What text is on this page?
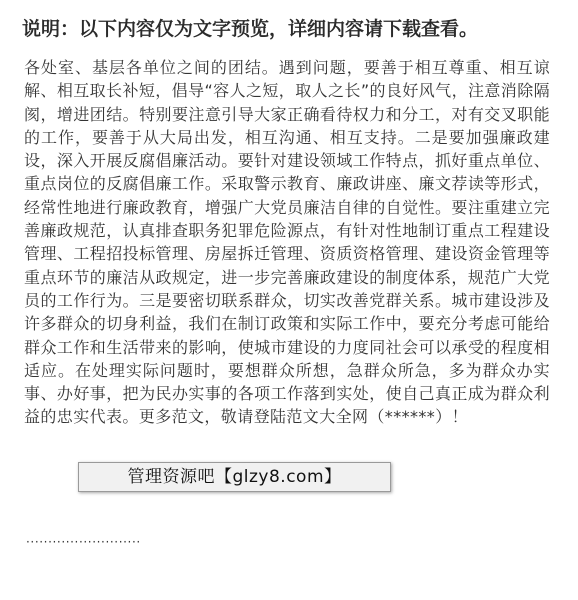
说明：以下内容仅为文字预览，详细内容请下载查看。

各处室、基层各单位之间的团结。遇到问题，要善于相互尊重、相互谅解、相互取长补短，倡导“容人之短，取人之长”的良好风气，注意消除隔阂，增进团结。特别要注意引导大家正确看待权力和分工，对有交叉职能的工作，要善于从大局出发，相互沟通、相互支持。二是要加强廉政建设，深入开展反腐倡廉活动。要针对建设领域工作特点，抓好重点单位、重点岗位的反腐倡廉工作。采取警示教育、廉政讲座、廉文荐读等形式，经常性地进行廉政教育，增强广大党员廉洁自律的自觉性。要注重建立完善廉政规范，认真排查职务犯罪危险源点，有针对性地制订重点工程建设管理、工程招投标管理、房屋拆迁管理、资质资格管理、建设资金管理等重点环节的廉洁从政规定，进一步完善廉政建设的制度体系，规范广大党员的工作行为。三是要密切联系群众，切实改善党群关系。城市建设涉及许多群众的切身利益，我们在制订政策和实际工作中，要充分考虑可能给群众工作和生活带来的影响，使城市建设的力度同社会可以承受的程度相适应。在处理实际问题时，要想群众所想，急群众所急，多为群众办实事、办好事，把为民办实事的各项工作落到实处，使自己真正成为群众利益的忠实代表。更多范文，敬请登陆范文大全网（******）！

··························
管理资源吧【glzy8.com】
